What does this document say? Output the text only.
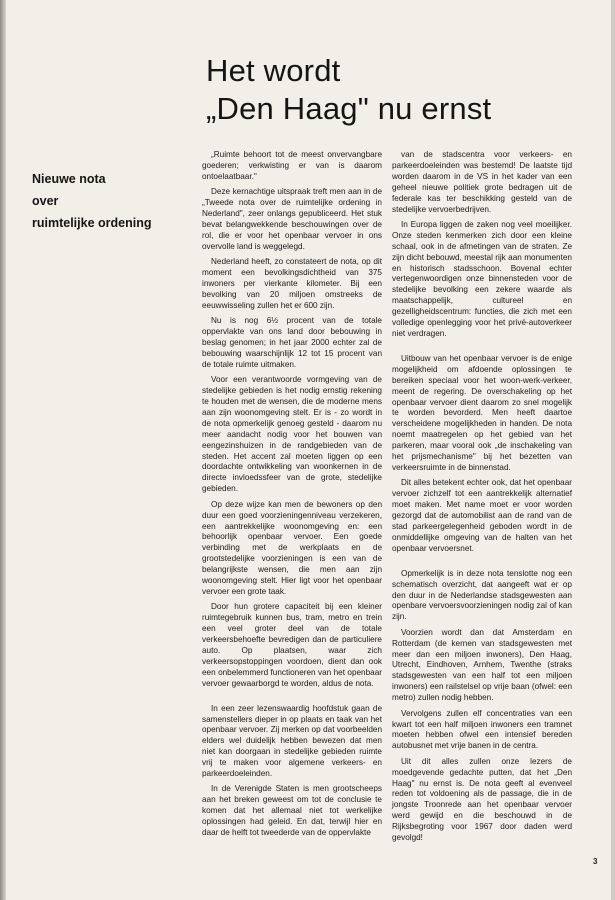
Het wordt
„Den Haag" nu ernst
Nieuwe nota
over
ruimtelijke ordening

„Ruimte behoort tot de meest onvervangbare goederen; verkwisting er van is daarom ontoelaatbaar."

Deze kernachtige uitspraak treft men aan in de „Tweede nota over de ruimtelijke ordening in Nederland", zeer onlangs gepubliceerd. Het stuk bevat belangwekkende beschouwingen over de rol, die er voor het openbaar vervoer in ons overvolle land is weggelegd.

Nederland heeft, zo constateert de nota, op dit moment een bevolkingsdichtheid van 375 inwoners per vierkante kilometer. Bij een bevolking van 20 miljoen omstreeks de eeuwwisseling zullen het er 600 zijn.

Nu is nog 6½ procent van de totale oppervlakte van ons land door bebouwing in beslag genomen; in het jaar 2000 echter zal de bebouwing waarschijnlijk 12 tot 15 procent van de totale ruimte uitmaken.

Voor een verantwoorde vormgeving van de stedelijke gebieden is het nodig ernstig rekening te houden met de wensen, die de moderne mens aan zijn woonomgeving stelt. Er is - zo wordt in de nota opmerkelijk genoeg gesteld - daarom nu meer aandacht nodig voor het bouwen van eengezinshuizen in de randgebieden van de steden. Het accent zal moeten liggen op een doordachte ontwikkeling van woonkernen in de directe invloedssfeer van de grote, stedelijke gebieden.

Op deze wijze kan men de bewoners op den duur een goed voorzieningenniveau verzekeren, een aantrekkelijke woonomgeving en: een behoorlijk openbaar vervoer. Een goede verbinding met de werkplaats en de grootstedelijke voorzieningen is een van de belangrijkste wensen, die men aan zijn woonomgeving stelt. Hier ligt voor het openbaar vervoer een grote taak.

Door hun grotere capaciteit bij een kleiner ruimtegebruik kunnen bus, tram, metro en trein een veel groter deel van de totale verkeersbehoefte bevredigen dan de particuliere auto. Op plaatsen, waar zich verkeersopstoppingen voordoen, dient dan ook een onbelemmerd functioneren van het openbaar vervoer gewaarborgd te worden, aldus de nota.

In een zeer lezenswaardig hoofdstuk gaan de samenstellers dieper in op plaats en taak van het openbaar vervoer. Zij merken op dat voorbeelden elders wel duidelijk hebben bewezen dat men niet kan doorgaan in stedelijke gebieden ruimte vrij te maken voor algemene verkeers- en parkeerdoeleinden.

In de Verenigde Staten is men grootscheeps aan het breken geweest om tot de conclusie te komen dat het allemaal niet tot werkelijke oplossingen had geleid. En dat, terwijl hier en daar de helft tot tweederde van de oppervlakte

van de stadscentra voor verkeers- en parkeerdoeleinden was bestemd! De laatste tijd worden daarom in de VS in het kader van een geheel nieuwe politiek grote bedragen uit de federale kas ter beschikking gesteld van de stedelijke vervoerbedrijven.

In Europa liggen de zaken nog veel moeilijker. Onze steden kenmerken zich door een kleine schaal, ook in de afmetingen van de straten. Ze zijn dicht bebouwd, meestal rijk aan monumenten en historisch stadsschoon. Bovenal echter vertegenwoordigen onze binnensteden voor de stedelijke bevolking een zekere waarde als maatschappelijk, cultureel en gezelligheidscentrum: functies, die zich met een volledige openlegging voor het privé-autoverkeer niet verdragen.

Uitbouw van het openbaar vervoer is de enige mogelijkheid om afdoende oplossingen te bereiken speciaal voor het woon-werk-verkeer, meent de regering. De overschakeling op het openbaar vervoer dient daarom zo snel mogelijk te worden bevorderd. Men heeft daartoe verscheidene mogelijkheden in handen. De nota noemt maatregelen op het gebied van het parkeren, maar vooral ook „de inschakeling van het prijsmechanisme" bij het bezetten van verkeersruimte in de binnenstad.

Dit alles betekent echter ook, dat het openbaar vervoer zichzelf tot een aantrekkelijk alternatief moet maken. Met name moet er voor worden gezorgd dat de automobilist aan de rand van de stad parkeergelegenheid geboden wordt in de onmiddellijke omgeving van de halten van het openbaar vervoersnet.

Opmerkelijk is in deze nota tenslotte nog een schematisch overzicht, dat aangeeft wat er op den duur in de Nederlandse stadsgewesten aan openbare vervoersvoorzieningen nodig zal of kan zijn.

Voorzien wordt dan dat Amsterdam en Rotterdam (de kernen van stadsgewesten met meer dan een miljoen inwoners), Den Haag, Utrecht, Eindhoven, Arnhem, Twenthe (straks stadsgewesten van een half tot een miljoen inwoners) een railstelsel op vrije baan (ofwel: een metro) zullen nodig hebben.

Vervolgens zullen elf concentraties van een kwart tot een half miljoen inwoners een tramnet moeten hebben ofwel een intensief bereden autobusnet met vrije banen in de centra.

Uit dit alles zullen onze lezers de moedgevende gedachte putten, dat het „Den Haag" nu ernst is. De nota geeft al evenveel reden tot voldoening als de passage, die in de jongste Troonrede aan het openbaar vervoer werd gewijd en die beschouwd in de Rijksbegroting voor 1967 door daden werd gevolgd!

3
